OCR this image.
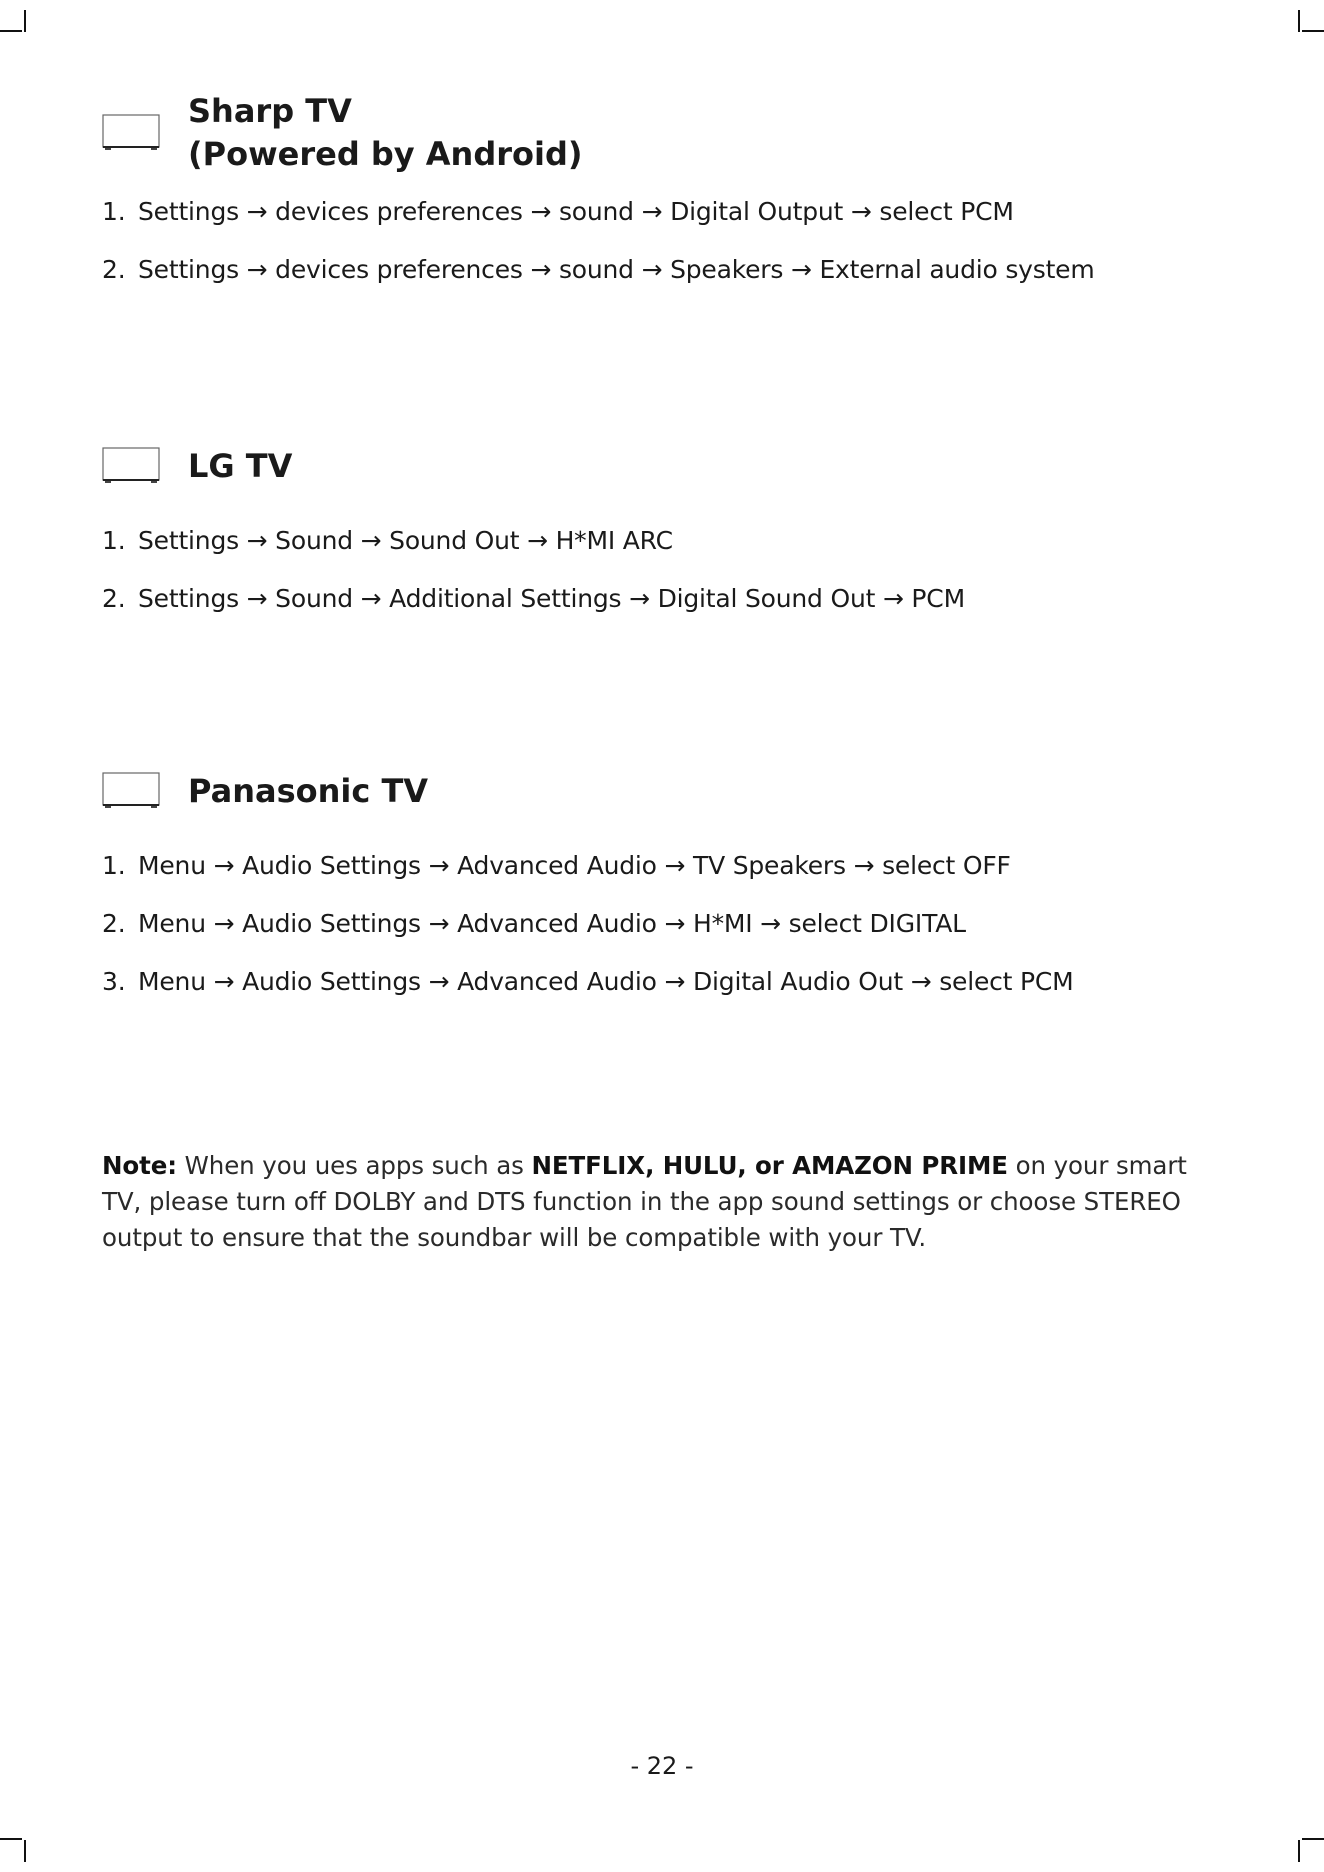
Sharp TV
(Powered by Android)
1. Settings → devices preferences → sound → Digital Output → select PCM
2. Settings → devices preferences → sound → Speakers → External audio system
LG TV
1. Settings → Sound → Sound Out → H*MI ARC
2. Settings → Sound → Additional Settings → Digital Sound Out → PCM
Panasonic TV
1. Menu → Audio Settings → Advanced Audio → TV Speakers → select OFF
2. Menu → Audio Settings → Advanced Audio → H*MI → select DIGITAL
3. Menu → Audio Settings → Advanced Audio → Digital Audio Out → select PCM

Note: When you ues apps such as NETFLIX, HULU, or AMAZON PRIME on your smart TV, please turn off DOLBY and DTS function in the app sound settings or choose STEREO output to ensure that the soundbar will be compatible with your TV.

- 22 -
